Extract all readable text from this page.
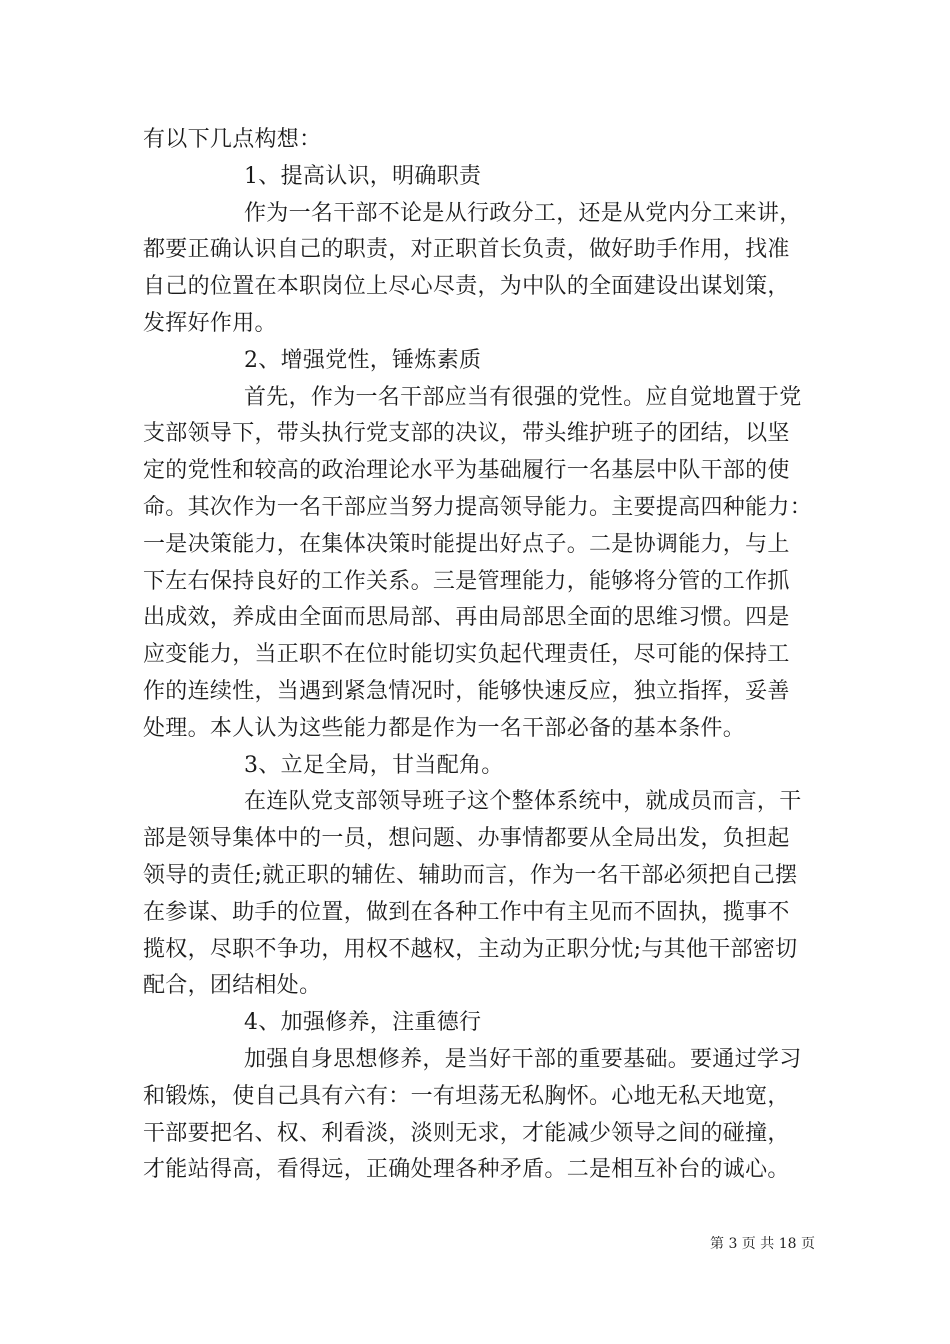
有以下几点构想：
1、提高认识，明确职责
作为一名干部不论是从行政分工，还是从党内分工来讲，
都要正确认识自己的职责，对正职首长负责，做好助手作用，找准
自己的位置在本职岗位上尽心尽责，为中队的全面建设出谋划策，
发挥好作用。
2、增强党性，锤炼素质
首先，作为一名干部应当有很强的党性。应自觉地置于党
支部领导下，带头执行党支部的决议，带头维护班子的团结，以坚
定的党性和较高的政治理论水平为基础履行一名基层中队干部的使
命。其次作为一名干部应当努力提高领导能力。主要提高四种能力：
一是决策能力，在集体决策时能提出好点子。二是协调能力，与上
下左右保持良好的工作关系。三是管理能力，能够将分管的工作抓
出成效，养成由全面而思局部、再由局部思全面的思维习惯。四是
应变能力，当正职不在位时能切实负起代理责任，尽可能的保持工
作的连续性，当遇到紧急情况时，能够快速反应，独立指挥，妥善
处理。本人认为这些能力都是作为一名干部必备的基本条件。
3、立足全局，甘当配角。
在连队党支部领导班子这个整体系统中，就成员而言，干
部是领导集体中的一员，想问题、办事情都要从全局出发，负担起
领导的责任;就正职的辅佐、辅助而言，作为一名干部必须把自己摆
在参谋、助手的位置，做到在各种工作中有主见而不固执，揽事不
揽权，尽职不争功，用权不越权，主动为正职分忧;与其他干部密切
配合，团结相处。
4、加强修养，注重德行
加强自身思想修养，是当好干部的重要基础。要通过学习
和锻炼，使自己具有六有：一有坦荡无私胸怀。心地无私天地宽，
干部要把名、权、利看淡，淡则无求，才能减少领导之间的碰撞，
才能站得高，看得远，正确处理各种矛盾。二是相互补台的诚心。
第 3 页 共 18 页
